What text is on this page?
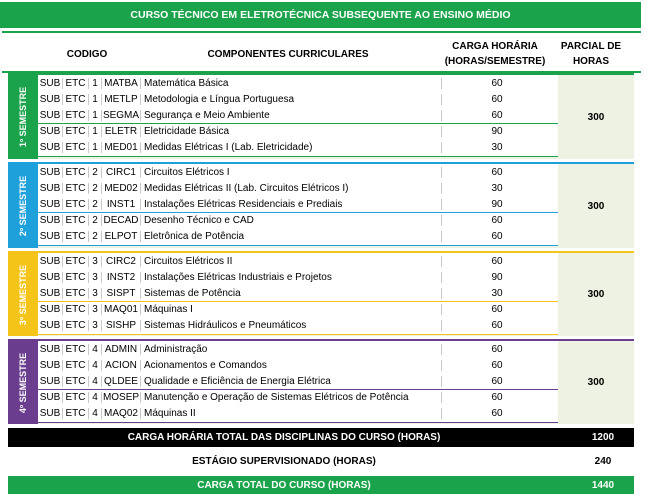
CURSO TÉCNICO EM ELETROTÉCNICA SUBSEQUENTE AO ENSINO MÉDIO
CODIGO	COMPONENTES CURRICULARES
CARGA HORÁRIA (HORAS/SEMESTRE)
PARCIAL DE HORAS
1º SEMESTRE
SUB ETC 1 MATBA Matemática Básica	60
SUB ETC 1 METLP Metodologia e Língua Portuguesa	60
SUB ETC 1 SEGMA Segurança e Meio Ambiente	60
SUB ETC 1 ELETR Eletricidade Básica	90
SUB ETC 1 MED01 Medidas Elétricas I (Lab. Eletricidade)	30
300
2º SEMESTRE
SUB ETC 2 CIRC1 Circuitos Elétricos I	60
SUB ETC 2 MED02 Medidas Elétricas II (Lab. Circuitos Elétricos I)	30
SUB ETC 2 INST1 Instalações Elétricas Residenciais e Prediais	90
SUB ETC 2 DECAD Desenho Técnico e CAD	60
SUB ETC 2 ELPOT Eletrônica de Potência	60
300
3º SEMESTRE
SUB ETC 3 CIRC2 Circuitos Elétricos II	60
SUB ETC 3 INST2 Instalações Elétricas Industriais e Projetos	90
SUB ETC 3 SISPT Sistemas de Potência	30
SUB ETC 3 MAQ01 Máquinas I	60
SUB ETC 3 SISHP Sistemas Hidráulicos e Pneumáticos	60
300
4º SEMESTRE
SUB ETC 4 ADMIN Administração	60
SUB ETC 4 ACION Acionamentos e Comandos	60
SUB ETC 4 QLDEE Qualidade e Eficiência de Energia Elétrica	60
SUB ETC 4 MOSEP Manutenção e Operação de Sistemas Elétricos de Potência	60
SUB ETC 4 MAQ02 Máquinas II	60
300
CARGA HORÁRIA TOTAL DAS DISCIPLINAS DO CURSO (HORAS)	1200
ESTÁGIO SUPERVISIONADO (HORAS)	240
CARGA TOTAL DO CURSO (HORAS)	1440
